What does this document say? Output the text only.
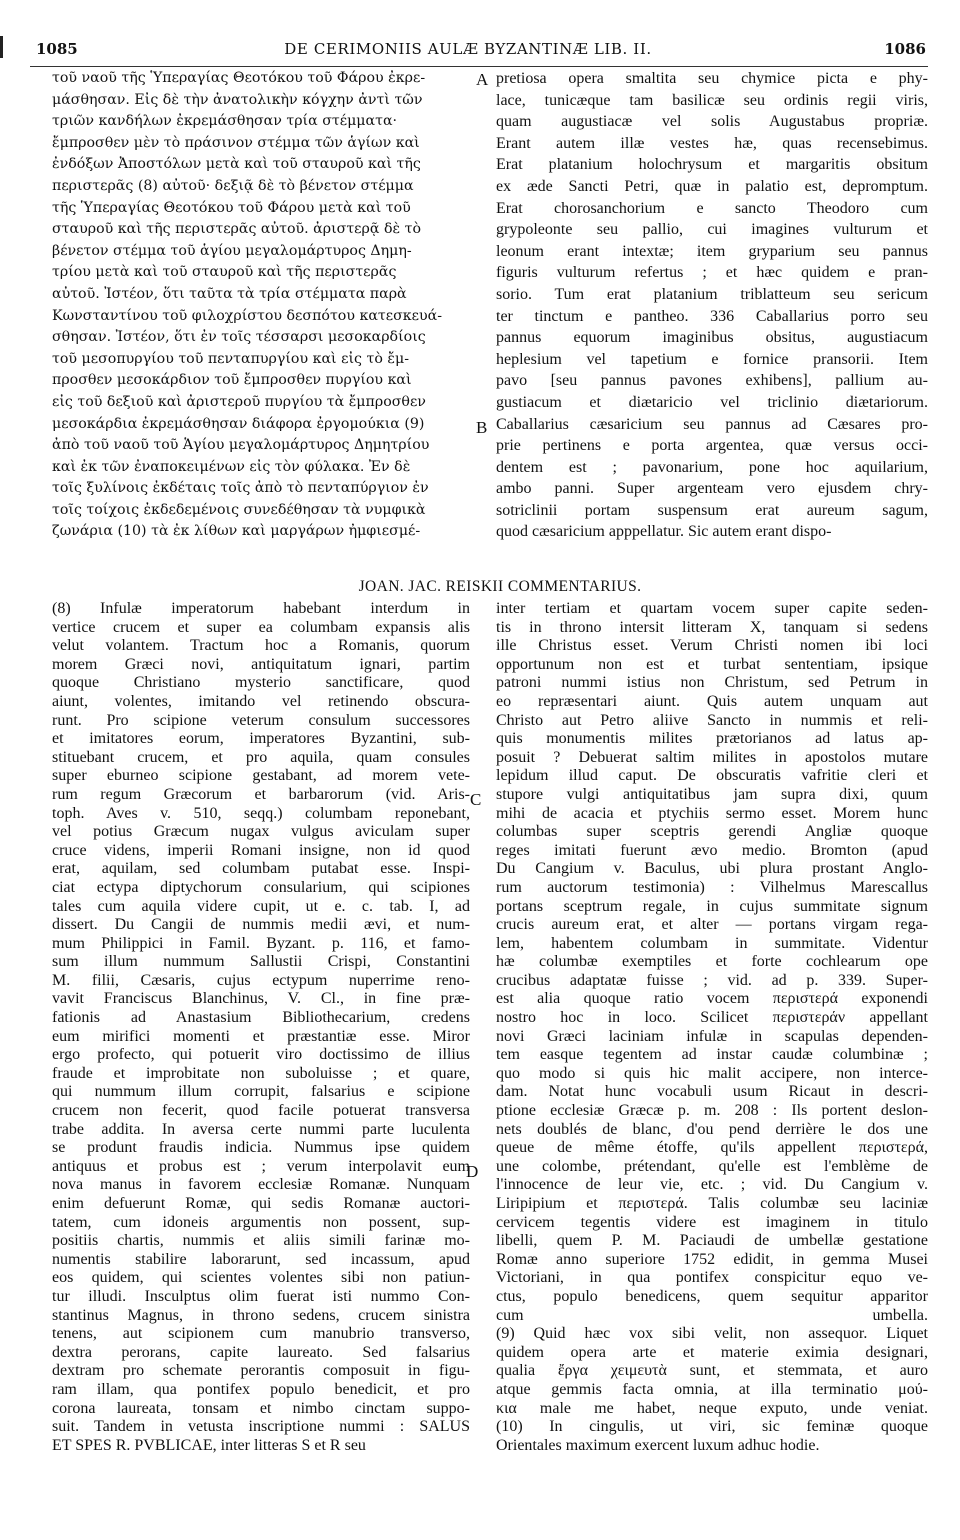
1085	DE CERIMONIIS AULÆ BYZANTINÆ LIB. II.	1086
A
B
C
D
τοῦ ναοῦ τῆς Ὑπεραγίας Θεοτόκου τοῦ Φάρου ἐκρε-
μάσθησαν. Εἰς δὲ τὴν ἀνατολικὴν κόγχην ἀντὶ τῶν
τριῶν κανδήλων ἐκρεμάσθησαν τρία στέμματα·
ἔμπροσθεν μὲν τὸ πράσινον στέμμα τῶν ἁγίων καὶ
ἐνδόξων Ἀποστόλων μετὰ καὶ τοῦ σταυροῦ καὶ τῆς
περιστερᾶς (8) αὐτοῦ· δεξιᾷ δὲ τὸ βένετον στέμμα
τῆς Ὑπεραγίας Θεοτόκου τοῦ Φάρου μετὰ καὶ τοῦ
σταυροῦ καὶ τῆς περιστερᾶς αὐτοῦ. ἀριστερᾷ δὲ τὸ
βένετον στέμμα τοῦ ἁγίου μεγαλομάρτυρος Δημη-
τρίου μετὰ καὶ τοῦ σταυροῦ καὶ τῆς περιστερᾶς
αὐτοῦ. Ἰστέον, ὅτι ταῦτα τὰ τρία στέμματα παρὰ
Κωνσταντίνου τοῦ φιλοχρίστου δεσπότου κατεσκευά-
σθησαν. Ἰστέον, ὅτι ἐν τοῖς τέσσαρσι μεσοκαρδίοις
τοῦ μεσοπυργίου τοῦ πενταπυργίου καὶ εἰς τὸ ἔμ-
προσθεν μεσοκάρδιον τοῦ ἔμπροσθεν πυργίου καὶ
εἰς τοῦ δεξιοῦ καὶ ἀριστεροῦ πυργίου τὰ ἔμπροσθεν
μεσοκάρδια ἐκρεμάσθησαν διάφορα ἐργομούκια (9)
ἀπὸ τοῦ ναοῦ τοῦ Ἁγίου μεγαλομάρτυρος Δημητρίου
καὶ ἐκ τῶν ἐναποκειμένων εἰς τὸν φύλακα. Ἐν δὲ
τοῖς ξυλίνοις ἐκδέταις τοῖς ἀπὸ τὸ πενταπύργιον ἐν
τοῖς τοίχοις ἐκδεδεμένοις συνεδέθησαν τὰ νυμφικὰ
ζωνάρια (10) τὰ ἐκ λίθων καὶ μαργάρων ἠμφιεσμέ-
pretiosa opera smaltita seu chymice picta e phy-
lace, tunicæque tam basilicæ seu ordinis regii viris,
quam augustiacæ vel solis Augustabus propriæ.
Erant autem illæ vestes hæ, quas recensebimus.
Erat platanium holochrysum et margaritis obsitum
ex æde Sancti Petri, quæ in palatio est, depromptum.
Erat chorosanchorium e sancto Theodoro cum
grypoleonte seu pallio, cui imagines vulturum et
leonum erant intextæ; item gryparium seu pannus
figuris vulturum refertus ; et hæc quidem e pran-
sorio. Tum erat platanium triblatteum seu sericum
ter tinctum e pantheo. 336 Caballarius porro seu
pannus equorum imaginibus obsitus, augustiacum
heplesium vel tapetium e fornice pransorii. Item
pavo [seu pannus pavones exhibens], pallium au-
gustiacum et diætaricio vel triclinio diætariorum.
Caballarius cæsaricium seu pannus ad Cæsares pro-
prie pertinens e porta argentea, quæ versus occi-
dentem est ; pavonarium, pone hoc aquilarium,
ambo panni. Super argenteam vero ejusdem chry-
sotriclinii portam suspensum erat aureum sagum,
quod cæsaricium apppellatur. Sic autem erant dispo-
JOAN. JAC. REISKII COMMENTARIUS.
(8) Infulæ imperatorum habebant interdum in
vertice crucem et super ea columbam expansis alis
velut volantem. Tractum hoc a Romanis, quorum
morem Græci novi, antiquitatum ignari, partim
quoque Christiano mysterio sanctificare, quod
aiunt, volentes, imitando vel retinendo obscura-
runt. Pro scipione veterum consulum successores
et imitatores eorum, imperatores Byzantini, sub-
stituebant crucem, et pro aquila, quam consules
super eburneo scipione gestabant, ad morem vete-
rum regum Græcorum et barbarorum (vid. Aris-
toph. Aves v. 510, seqq.) columbam reponebant,
vel potius Græcum nugax vulgus aviculam super
cruce videns, imperii Romani insigne, non id quod
erat, aquilam, sed columbam putabat esse. Inspi-
ciat ectypa diptychorum consularium, qui scipiones
tales cum aquila videre cupit, ut e. c. tab. I, ad
dissert. Du Cangii de nummis medii ævi, et num-
mum Philippici in Famil. Byzant. p. 116, et famo-
sum illum nummum Sallustii Crispi, Constantini
M. filii, Cæsaris, cujus ectypum nuperrime reno-
vavit Franciscus Blanchinus, V. Cl., in fine præ-
fationis ad Anastasium Bibliothecarium, credens
eum mirifici momenti et præstantiæ esse. Miror
ergo profecto, qui potuerit viro doctissimo de illius
fraude et improbitate non suboluisse ; et quare,
qui nummum illum corrupit, falsarius e scipione
crucem non fecerit, quod facile potuerat transversa
trabe addita. In aversa certe nummi parte luculenta
se produnt fraudis indicia. Nummus ipse quidem
antiquus et probus est ; verum interpolavit eum
nova manus in favorem ecclesiæ Romanæ. Nunquam
enim defuerunt Romæ, qui sedis Romanæ auctori-
tatem, cum idoneis argumentis non possent, sup-
positiis chartis, nummis et aliis simili farinæ mo-
numentis stabilire laborarunt, sed incassum, apud
eos quidem, qui scientes volentes sibi non patiun-
tur illudi. Insculptus olim fuerat isti nummo Con-
stantinus Magnus, in throno sedens, crucem sinistra
tenens, aut scipionem cum manubrio transverso,
dextra perorans, capite laureato. Sed falsarius
dextram pro schemate perorantis composuit in figu-
ram illam, qua pontifex populo benedicit, et pro
corona laureata, tonsam et nimbo cinctam suppo-
suit. Tandem in vetusta inscriptione nummi : SALUS
ET SPES R. PVBLICAE, inter litteras S et R seu
inter tertiam et quartam vocem super capite seden-
tis in throno intersit litteram X, tanquam si sedens
ille Christus esset. Verum Christi nomen ibi loci
opportunum non est et turbat sententiam, ipsique
patroni nummi istius non Christum, sed Petrum in
eo repræsentari aiunt. Quis autem unquam aut
Christo aut Petro aliive Sancto in nummis et reli-
quis monumentis milites prætorianos ad latus ap-
posuit ? Debuerat saltim milites in apostolos mutare
lepidum illud caput. De obscuratis vafritie cleri et
stupore vulgi antiquitatibus jam supra dixi, quum
mihi de acacia et ptychiis sermo esset. Morem hunc
columbas super sceptris gerendi Angliæ quoque
reges imitati fuerunt ævo medio. Bromton (apud
Du Cangium v. Baculus, ubi plura prostant Anglo-
rum auctorum testimonia) : Vilhelmus Marescallus
portans sceptrum regale, in cujus summitate signum
crucis aureum erat, et alter — portans virgam rega-
lem, habentem columbam in summitate. Videntur
hæ columbæ exemptiles et forte cochlearum ope
crucibus adaptatæ fuisse ; vid. ad p. 339. Super-
est alia quoque ratio vocem περιστερά exponendi
nostro hoc in loco. Scilicet περιστεράν appellant
novi Græci laciniam infulæ in scapulas dependen-
tem easque tegentem ad instar caudæ columbinæ ;
quo modo si quis hic malit accipere, non interce-
dam. Notat hunc vocabuli usum Ricaut in descri-
ptione ecclesiæ Græcæ p. m. 208 : Ils portent deslon-
nets doublés de blanc, d'ou pend derrière le dos une
queue de même étoffe, qu'ils appellent περιστερά,
une colombe, prétendant, qu'elle est l'emblème de
l'innocence de leur vie, etc. ; vid. Du Cangium v.
Liripipium et περιστερά. Talis columbæ seu laciniæ
cervicem tegentis videre est imaginem in titulo
libelli, quem P. M. Paciaudi de umbellæ gestatione
Romæ anno superiore 1752 edidit, in gemma Musei
Victoriani, in qua pontifex conspicitur equo ve-
ctus, populo benedicens, quem sequitur apparitor
cum umbella.
(9) Quid hæc vox sibi velit, non assequor. Liquet
quidem opera arte et materie eximia designari,
qualia ἔργα χειμευτὰ sunt, et stemmata, et auro
atque gemmis facta omnia, at illa terminatio μού-
κια male me habet, neque exputo, unde veniat.
(10) In cingulis, ut viri, sic feminæ quoque
Orientales maximum exercent luxum adhuc hodie.
